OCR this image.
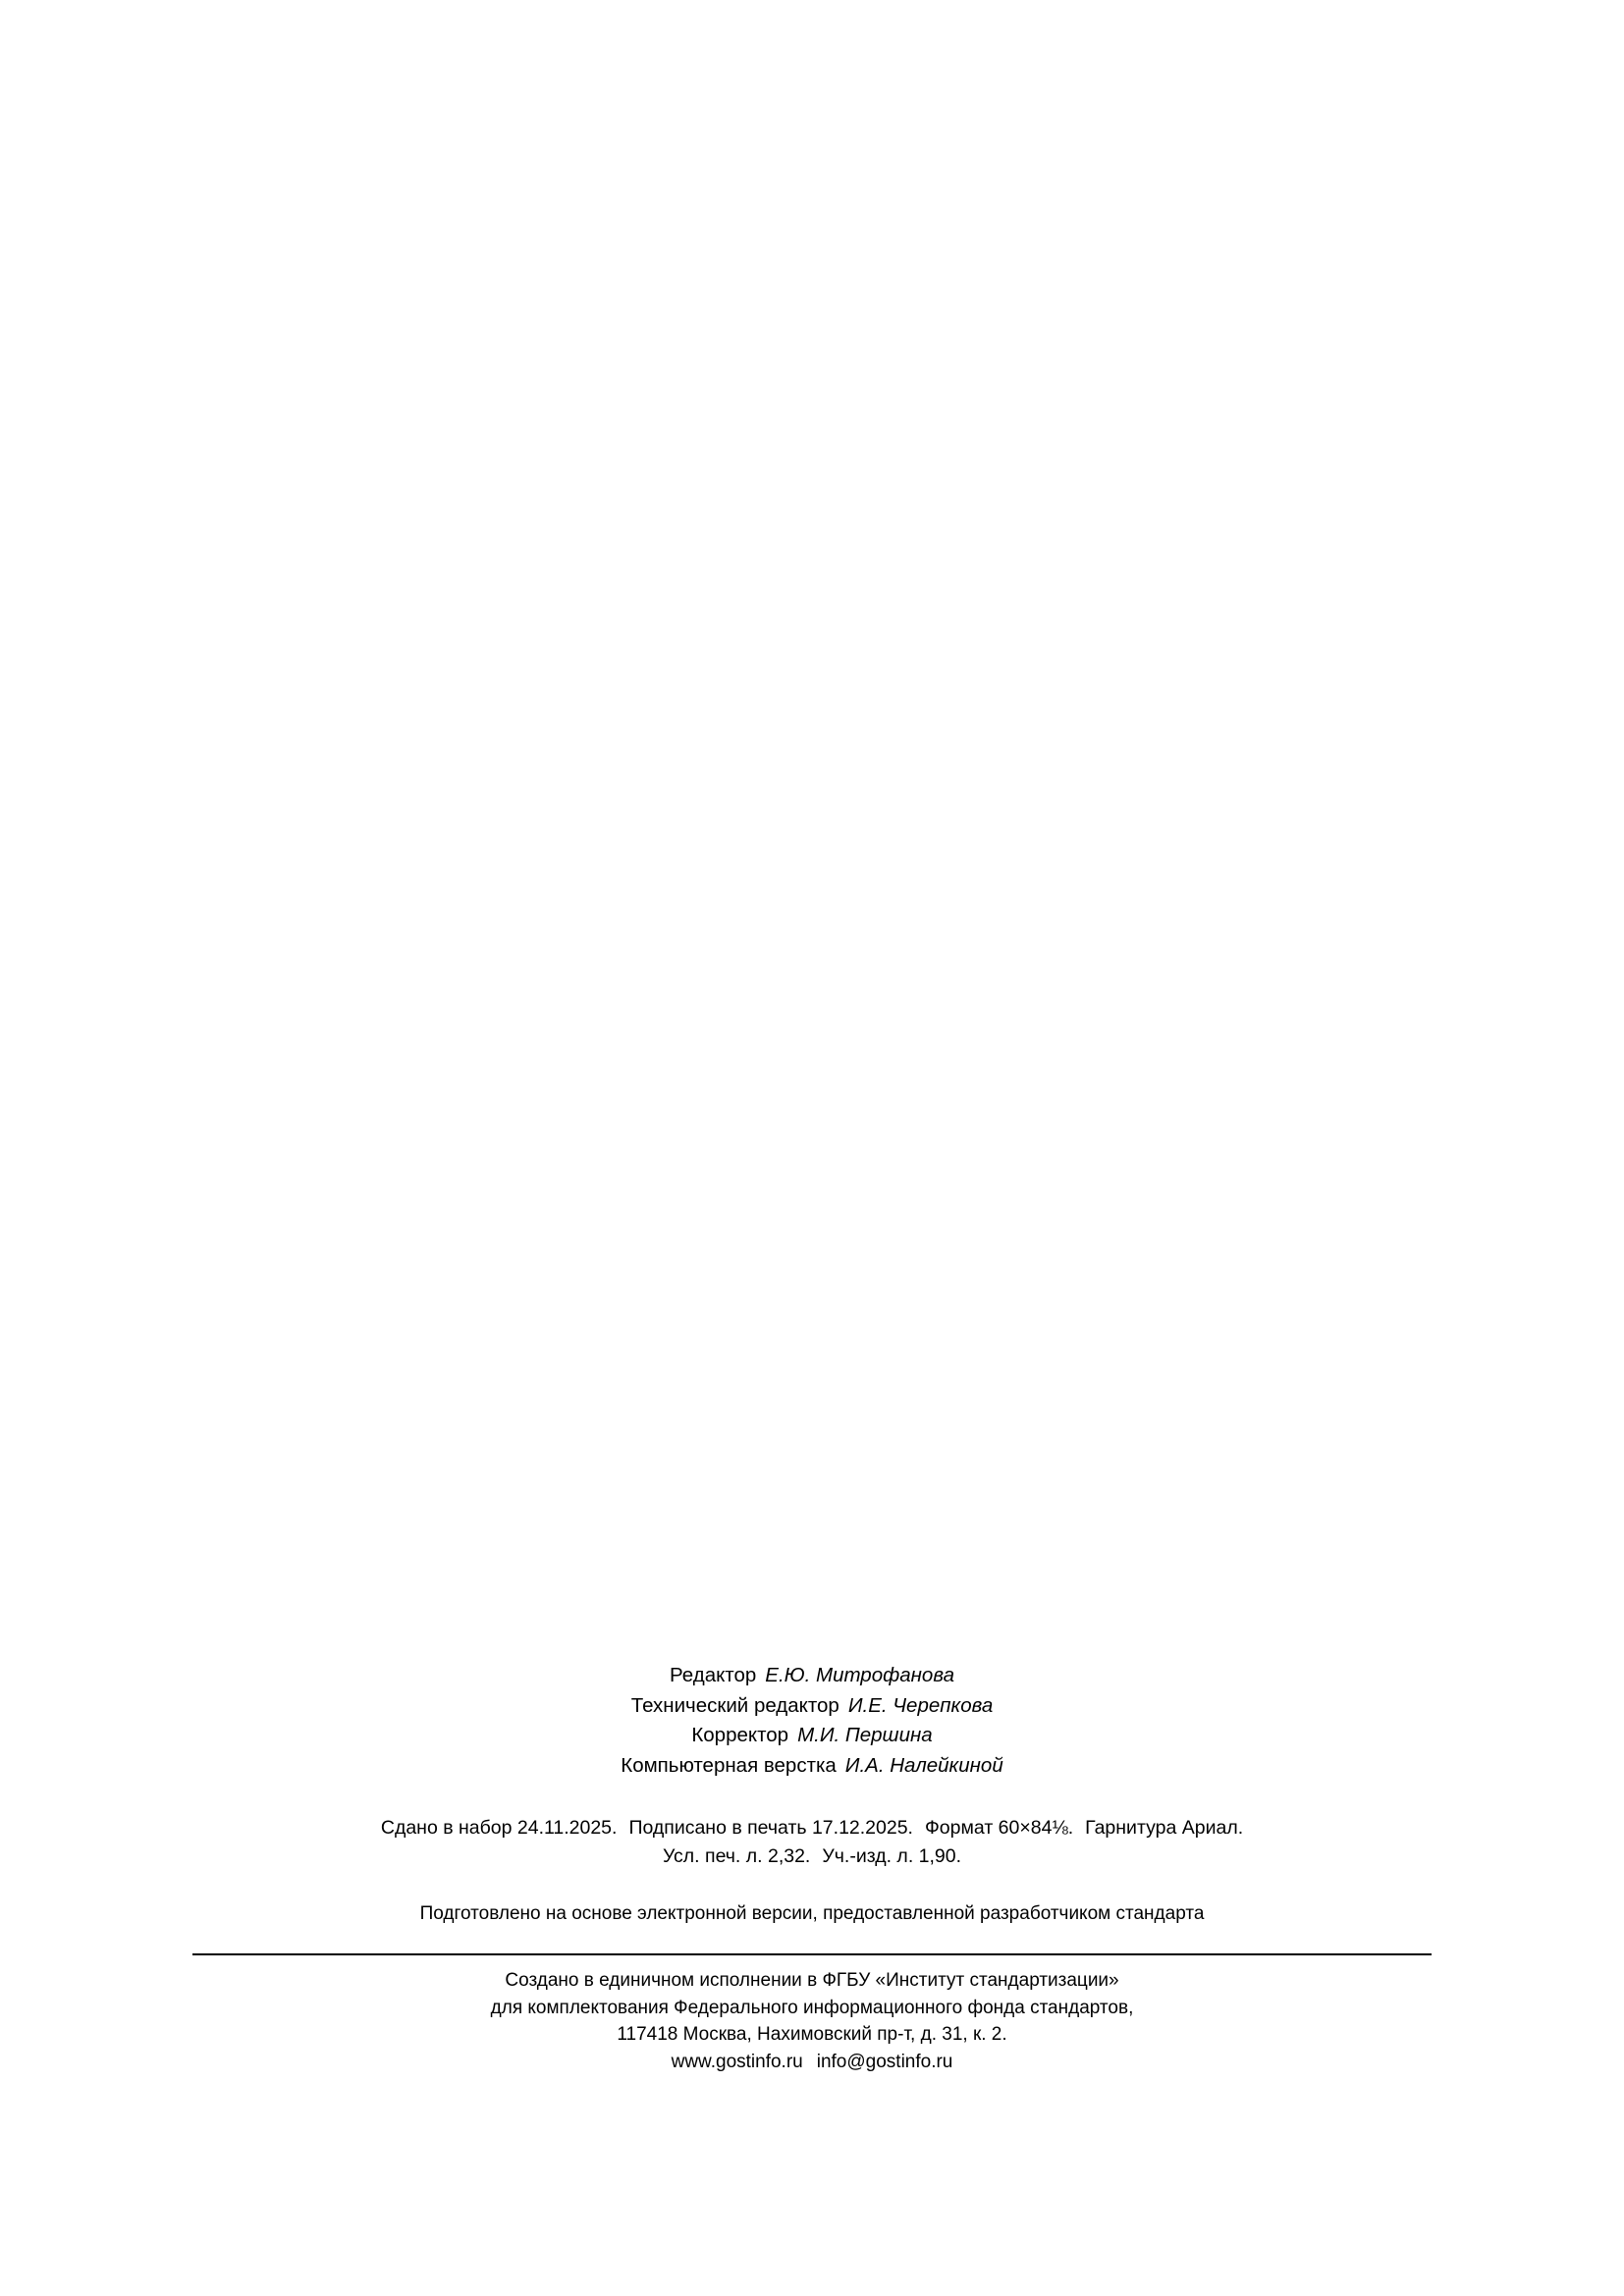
Редактор Е.Ю. Митрофанова
Технический редактор И.Е. Черепкова
Корректор М.И. Першина
Компьютерная верстка И.А. Налейкиной
Сдано в набор 24.11.2025. Подписано в печать 17.12.2025. Формат 60×84⅛. Гарнитура Ариал.
Усл. печ. л. 2,32. Уч.-изд. л. 1,90.
Подготовлено на основе электронной версии, предоставленной разработчиком стандарта
Создано в единичном исполнении в ФГБУ «Институт стандартизации»
для комплектования Федерального информационного фонда стандартов,
117418 Москва, Нахимовский пр-т, д. 31, к. 2.
www.gostinfo.ru info@gostinfo.ru
